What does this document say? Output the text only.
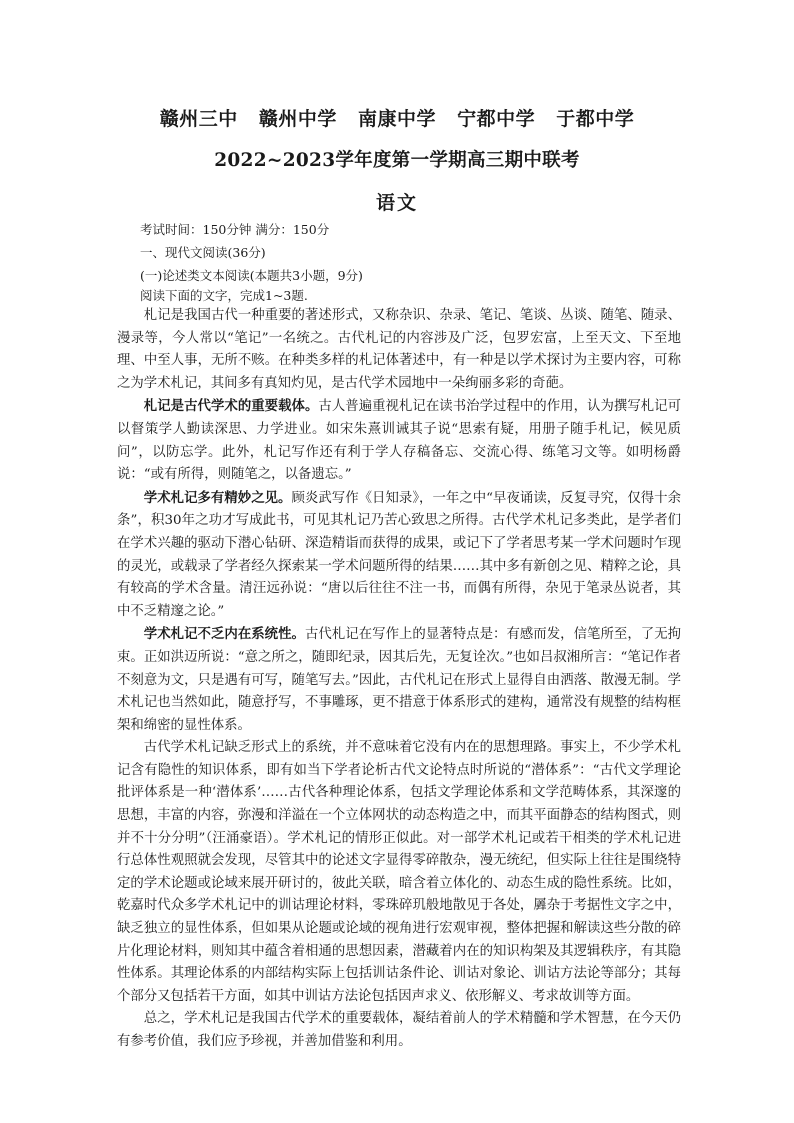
赣州三中 赣州中学 南康中学 宁都中学 于都中学
2022~2023学年度第一学期高三期中联考
语文
考试时间：150分钟 满分：150分
一、现代文阅读(36分)
(一)论述类文本阅读(本题共3小题，9分)
阅读下面的文字，完成1~3题.

札记是我国古代一种重要的著述形式，又称杂识、杂录、笔记、笔谈、丛谈、随笔、随录、漫录等，今人常以“笔记”一名统之。古代札记的内容涉及广泛，包罗宏富，上至天文、下至地理、中至人事，无所不赅。在种类多样的札记体著述中，有一种是以学术探讨为主要内容，可称之为学术札记，其间多有真知灼见，是古代学术园地中一朵绚丽多彩的奇葩。

札记是古代学术的重要载体。古人普遍重视札记在读书治学过程中的作用，认为撰写札记可以督策学人勤读深思、力学进业。如宋朱熹训诫其子说“思索有疑，用册子随手札记，候见质问”，以防忘学。此外，札记写作还有利于学人存稿备忘、交流心得、练笔习文等。如明杨爵说：“或有所得，则随笔之，以备遗忘。”

学术札记多有精妙之见。顾炎武写作《日知录》，一年之中“早夜诵读，反复寻究，仅得十余条”，积30年之功才写成此书，可见其札记乃苦心致思之所得。古代学术札记多类此，是学者们在学术兴趣的驱动下潜心钻研、深造精诣而获得的成果，或记下了学者思考某一学术问题时乍现的灵光，或载录了学者经久探索某一学术问题所得的结果……其中多有新创之见、精粹之论，具有较高的学术含量。清汪远孙说：“唐以后往往不注一书，而偶有所得，杂见于笔录丛说者，其中不乏精邃之论。”

学术札记不乏内在系统性。古代札记在写作上的显著特点是：有感而发，信笔所至，了无拘束。正如洪迈所说：“意之所之，随即纪录，因其后先，无复诠次。”也如吕叔湘所言：“笔记作者不刻意为文，只是遇有可写，随笔写去。”因此，古代札记在形式上显得自由洒落、散漫无制。学术札记也当然如此，随意抒写，不事雕琢，更不措意于体系形式的建构，通常没有规整的结构框架和绵密的显性体系。

古代学术札记缺乏形式上的系统，并不意味着它没有内在的思想理路。事实上，不少学术札记含有隐性的知识体系，即有如当下学者论析古代文论特点时所说的“潜体系”：“古代文学理论批评体系是一种‘潜体系’……古代各种理论体系，包括文学理论体系和文学范畴体系，其深邃的思想，丰富的内容，弥漫和洋溢在一个立体网状的动态构造之中，而其平面静态的结构图式，则并不十分分明”（汪涌豪语）。学术札记的情形正似此。对一部学术札记或若干相类的学术札记进行总体性观照就会发现，尽管其中的论述文字显得零碎散杂，漫无统纪，但实际上往往是围绕特定的学术论题或论域来展开研讨的，彼此关联，暗含着立体化的、动态生成的隐性系统。比如，乾嘉时代众多学术札记中的训诂理论材料，零珠碎玑般地散见于各处，羼杂于考据性文字之中，缺乏独立的显性体系，但如果从论题或论域的视角进行宏观审视，整体把握和解读这些分散的碎片化理论材料，则知其中蕴含着相通的思想因素，潜藏着内在的知识构架及其逻辑秩序，有其隐性体系。其理论体系的内部结构实际上包括训诂条件论、训诂对象论、训诂方法论等部分；其每个部分又包括若干方面，如其中训诂方法论包括因声求义、依形解义、考求故训等方面。

总之，学术札记是我国古代学术的重要载体，凝结着前人的学术精髓和学术智慧，在今天仍有参考价值，我们应予珍视，并善加借鉴和利用。
